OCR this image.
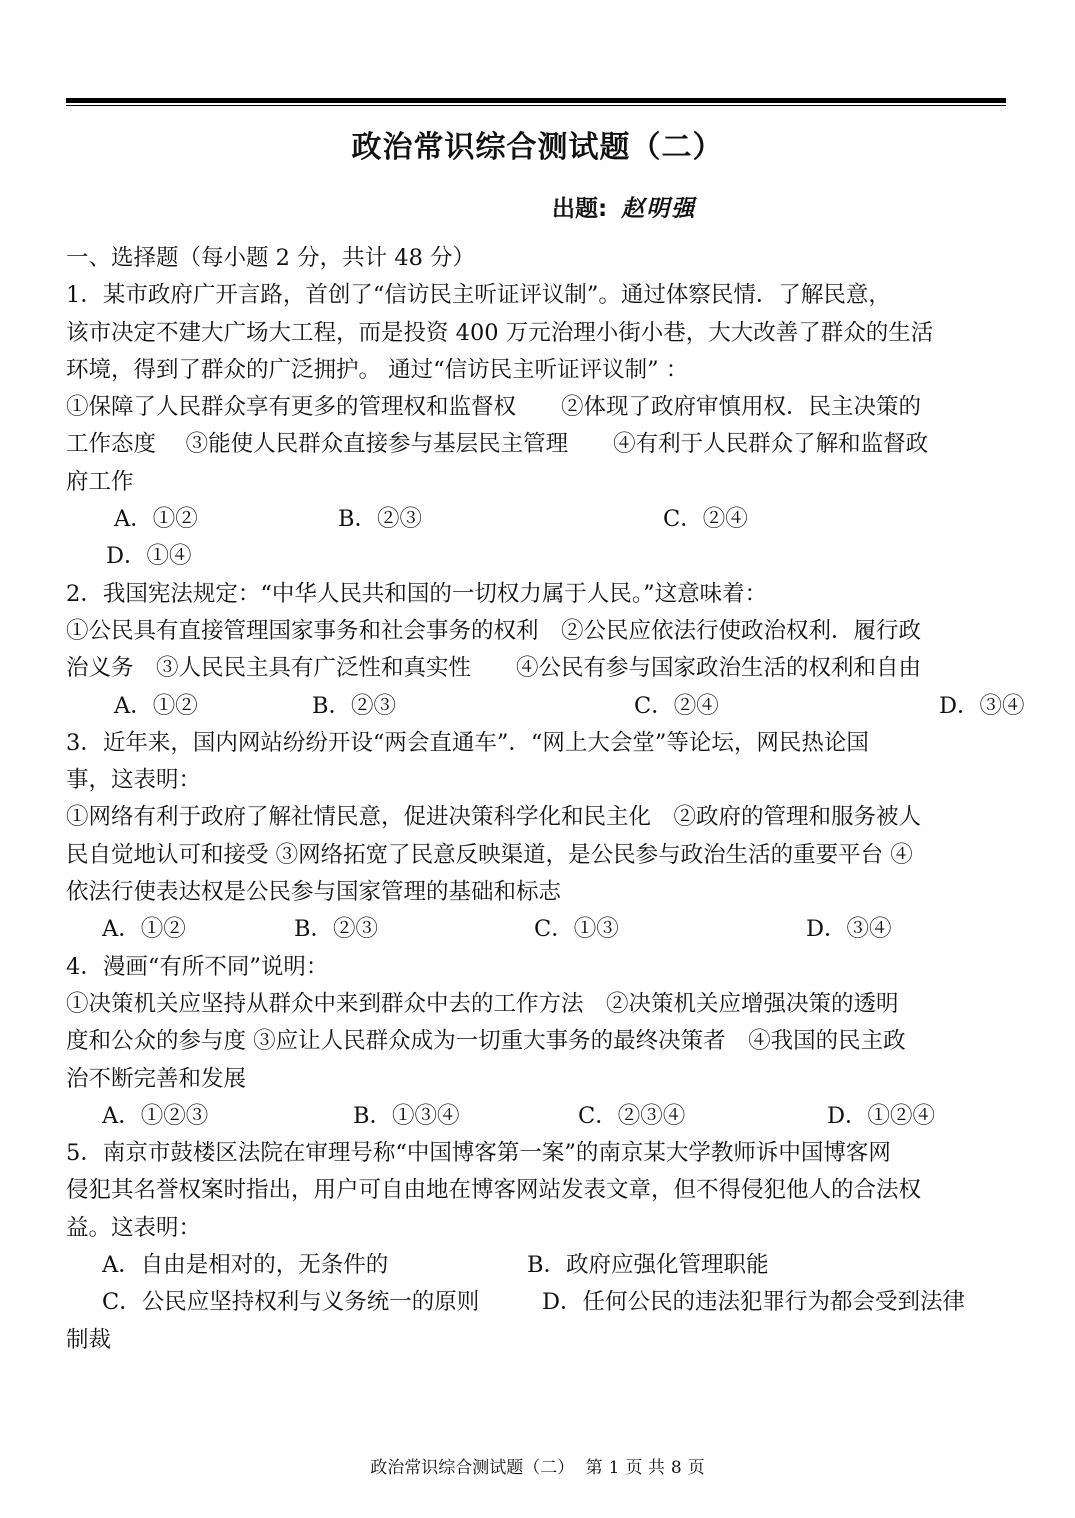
政治常识综合测试题（二）
出题: 赵明强
一、选择题（每小题 2 分，共计 48 分）
1．某市政府广开言路，首创了“信访民主听证评议制”。通过体察民情．了解民意，
该市决定不建大广场大工程，而是投资 400 万元治理小街小巷，大大改善了群众的生活
环境，得到了群众的广泛拥护。 通过“信访民主听证评议制” ：
①保障了人民群众享有更多的管理权和监督权　　②体现了政府审慎用权．民主决策的
工作态度　 ③能使人民群众直接参与基层民主管理　　④有利于人民群众了解和监督政
府工作
A．①②	B．②③	C．②④
D．①④
2．我国宪法规定：“中华人民共和国的一切权力属于人民。”这意味着：
①公民具有直接管理国家事务和社会事务的权利　②公民应依法行使政治权利．履行政
治义务　③人民民主具有广泛性和真实性　　④公民有参与国家政治生活的权利和自由
A．①②	B．②③	C．②④	D．③④
3．近年来，国内网站纷纷开设“两会直通车”．“网上大会堂”等论坛，网民热论国
事，这表明：
①网络有利于政府了解社情民意，促进决策科学化和民主化　②政府的管理和服务被人
民自觉地认可和接受 ③网络拓宽了民意反映渠道，是公民参与政治生活的重要平台 ④
依法行使表达权是公民参与国家管理的基础和标志
A．①②	B．②③	C．①③	D．③④
4．漫画“有所不同”说明：
①决策机关应坚持从群众中来到群众中去的工作方法　②决策机关应增强决策的透明
度和公众的参与度 ③应让人民群众成为一切重大事务的最终决策者　④我国的民主政
治不断完善和发展
A．①②③	B．①③④	C．②③④	D．①②④
5．南京市鼓楼区法院在审理号称“中国博客第一案”的南京某大学教师诉中国博客网
侵犯其名誉权案时指出，用户可自由地在博客网站发表文章，但不得侵犯他人的合法权
益。这表明：
A．自由是相对的，无条件的	B．政府应强化管理职能
C．公民应坚持权利与义务统一的原则	D．任何公民的违法犯罪行为都会受到法律
制裁
政治常识综合测试题（二） 第 1 页 共 8 页
